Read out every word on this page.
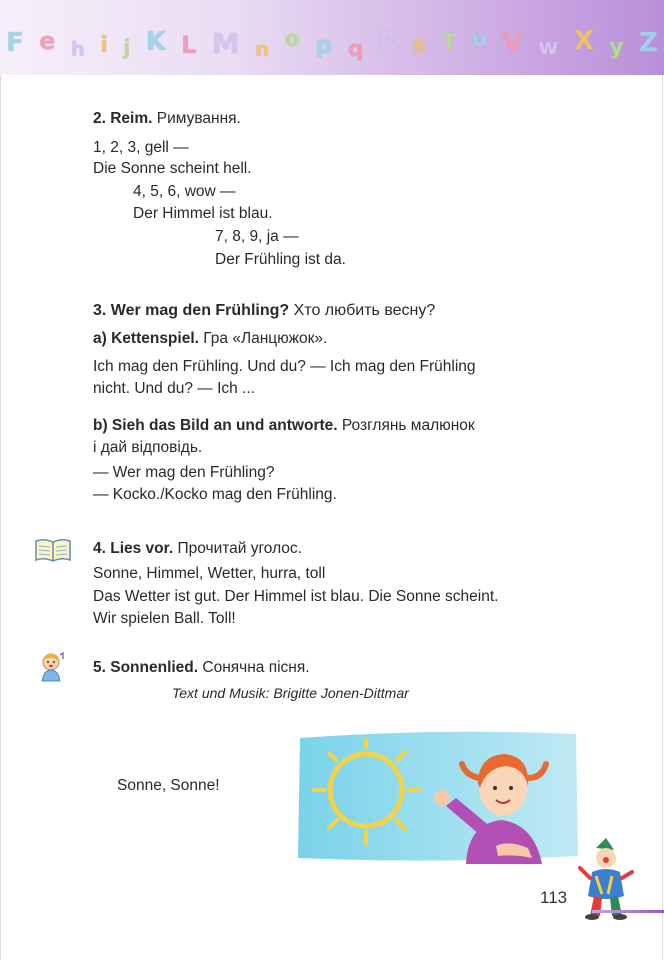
F e h i j K L M n o p q R s T u V w X y Z
2. Reim. Римування.
1, 2, 3, gell —
Die Sonne scheint hell.
4, 5, 6, wow —
Der Himmel ist blau.
7, 8, 9, ja —
Der Frühling ist da.
3. Wer mag den Frühling? Хто любить весну?
a) Kettenspiel. Гра «Ланцюжок».
Ich mag den Frühling. Und du? — Ich mag den Frühling
nicht. Und du? — Ich ...
b) Sieh das Bild an und antworte. Розглянь малюнок
і дай відповідь.
— Wer mag den Frühling?
— Kocko./Kocko mag den Frühling.
4. Lies vor. Прочитай уголос.
Sonne, Himmel, Wetter, hurra, toll
Das Wetter ist gut. Der Himmel ist blau. Die Sonne scheint.
Wir spielen Ball. Toll!
5. Sonnenlied. Сонячна пісня.
Text und Musik: Brigitte Jonen-Dittmar
Sonne, Sonne!
113
